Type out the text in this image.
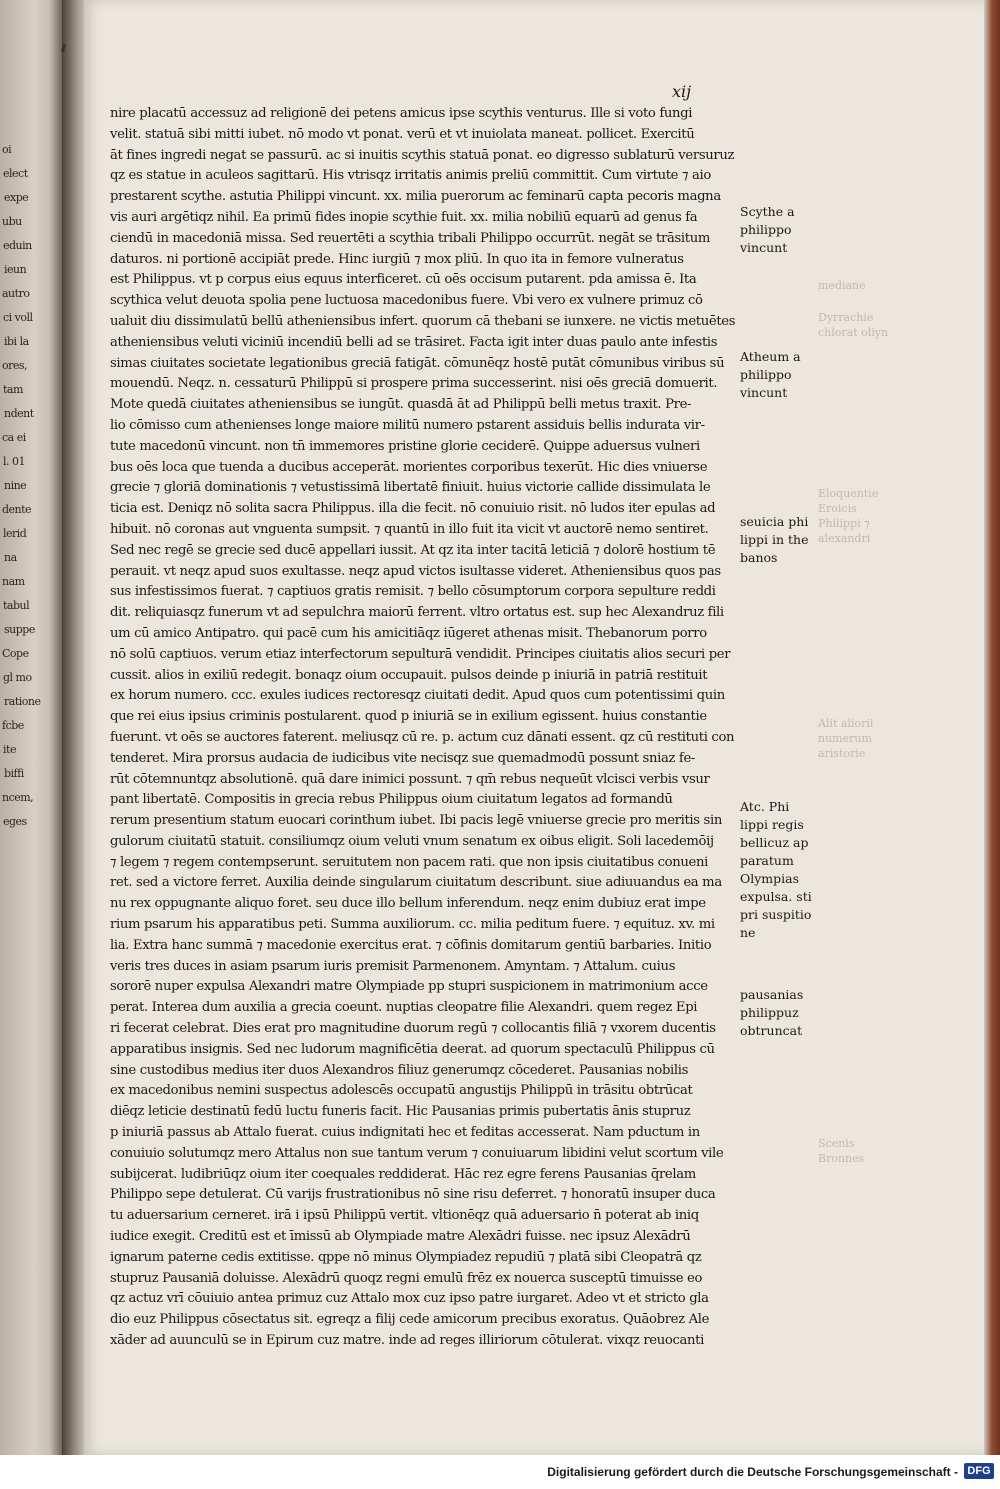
oi
elect
expe
ubu
eduin
ieun
autro
ci voll
ibi la
ores,
tam
ndent
ca ei
l. 01
nine
dente
lerid
na
nam
tabul
suppe
Cope
gl mo
ratione
fcbe
ite
biffi
ncem,
eges
xij
nire placatū accessuz ad religionē dei petens amicus ipse scythis venturus. Ille si voto fungi
velit. statuā sibi mitti iubet. nō modo vt ponat. verū et vt inuiolata maneat. pollicet. Exercitū
āt fines ingredi negat se passurū. ac si inuitis scythis statuā ponat. eo digresso sublaturū versuruz
qz es statue in aculeos sagittarū. His vtrisqz irritatis animis preliū committit. Cum virtute ⁊ aio
prestarent scythe. astutia Philippi vincunt. xx. milia puerorum ac feminarū capta pecoris magna
vis auri argētiqz nihil. Ea primū fides inopie scythie fuit. xx. milia nobiliū equarū ad genus fa
ciendū in macedoniā missa. Sed reuertēti a scythia tribali Philippo occurrūt. negāt se trāsitum
daturos. ni portionē accipiāt prede. Hinc iurgiū ⁊ mox pliū. In quo ita in femore vulneratus
est Philippus. vt p corpus eius equus interficeret. cū oēs occisum putarent. pda amissa ē. Ita
scythica velut deuota spolia pene luctuosa macedonibus fuere. Vbi vero ex vulnere primuz cō
ualuit diu dissimulatū bellū atheniensibus infert. quorum cā thebani se iunxere. ne victis metuētes
atheniensibus veluti viciniū incendiū belli ad se trāsiret. Facta igit inter duas paulo ante infestis
simas ciuitates societate legationibus greciā fatigāt. cōmunēqz hostē putāt cōmunibus viribus sū
mouendū. Neqz. n. cessaturū Philippū si prospere prima successerint. nisi oēs greciā domuerit.
Mote quedā ciuitates atheniensibus se iungūt. quasdā āt ad Philippū belli metus traxit. Pre-
lio cōmisso cum athenienses longe maiore militū numero pstarent assiduis bellis indurata vir-
tute macedonū vincunt. non tn̄ immemores pristine glorie ceciderē. Quippe aduersus vulneri
bus oēs loca que tuenda a ducibus acceperāt. morientes corporibus texerūt. Hic dies vniuerse
grecie ⁊ gloriā dominationis ⁊ vetustissimā libertatē finiuit. huius victorie callide dissimulata le
ticia est. Deniqz nō solita sacra Philippus. illa die fecit. nō conuiuio risit. nō ludos iter epulas ad
hibuit. nō coronas aut vnguenta sumpsit. ⁊ quantū in illo fuit ita vicit vt auctorē nemo sentiret.
Sed nec regē se grecie sed ducē appellari iussit. At qz ita inter tacitā leticiā ⁊ dolorē hostium tē
perauit. vt neqz apud suos exultasse. neqz apud victos isultasse videret. Atheniensibus quos pas
sus infestissimos fuerat. ⁊ captiuos gratis remisit. ⁊ bello cōsumptorum corpora sepulture reddi
dit. reliquiasqz funerum vt ad sepulchra maiorū ferrent. vltro ortatus est. sup hec Alexandruz fili
um cū amico Antipatro. qui pacē cum his amicitiāqz iūgeret athenas misit. Thebanorum porro
nō solū captiuos. verum etiaz interfectorum sepulturā vendidit. Principes ciuitatis alios securi per
cussit. alios in exiliū redegit. bonaqz oium occupauit. pulsos deinde p iniuriā in patriā restituit
ex horum numero. ccc. exules iudices rectoresqz ciuitati dedit. Apud quos cum potentissimi quin
que rei eius ipsius criminis postularent. quod p iniuriā se in exilium egissent. huius constantie
fuerunt. vt oēs se auctores faterent. meliusqz cū re. p. actum cuz dānati essent. qz cū restituti con
tenderet. Mira prorsus audacia de iudicibus vite necisqz sue quemadmodū possunt sniaz fe-
rūt cōtemnuntqz absolutionē. quā dare inimici possunt. ⁊ qm̄ rebus nequeūt vlcisci verbis vsur
pant libertatē. Compositis in grecia rebus Philippus oium ciuitatum legatos ad formandū
rerum presentium statum euocari corinthum iubet. Ibi pacis legē vniuerse grecie pro meritis sin
gulorum ciuitatū statuit. consiliumqz oium veluti vnum senatum ex oibus eligit. Soli lacedemōij
⁊ legem ⁊ regem contempserunt. seruitutem non pacem rati. que non ipsis ciuitatibus conueni
ret. sed a victore ferret. Auxilia deinde singularum ciuitatum describunt. siue adiuuandus ea ma
nu rex oppugnante aliquo foret. seu duce illo bellum inferendum. neqz enim dubiuz erat impe
rium psarum his apparatibus peti. Summa auxiliorum. cc. milia peditum fuere. ⁊ equituz. xv. mi
lia. Extra hanc summā ⁊ macedonie exercitus erat. ⁊ cōfinis domitarum gentiū barbaries. Initio
veris tres duces in asiam psarum iuris premisit Parmenonem. Amyntam. ⁊ Attalum. cuius
sororē nuper expulsa Alexandri matre Olympiade pp stupri suspicionem in matrimonium acce
perat. Interea dum auxilia a grecia coeunt. nuptias cleopatre filie Alexandri. quem regez Epi
ri fecerat celebrat. Dies erat pro magnitudine duorum regū ⁊ collocantis filiā ⁊ vxorem ducentis
apparatibus insignis. Sed nec ludorum magnificētia deerat. ad quorum spectaculū Philippus cū
sine custodibus medius iter duos Alexandros filiuz generumqz cōcederet. Pausanias nobilis
ex macedonibus nemini suspectus adolescēs occupatū angustijs Philippū in trāsitu obtrūcat
diēqz leticie destinatū fedū luctu funeris facit. Hic Pausanias primis pubertatis ānis stupruz
p iniuriā passus ab Attalo fuerat. cuius indignitati hec et feditas accesserat. Nam pductum in
conuiuio solutumqz mero Attalus non sue tantum verum ⁊ conuiuarum libidini velut scortum vile
subijcerat. ludibriūqz oium iter coequales reddiderat. Hāc rez egre ferens Pausanias q̄relam
Philippo sepe detulerat. Cū varijs frustrationibus nō sine risu deferret. ⁊ honoratū insuper duca
tu aduersarium cerneret. irā i ipsū Philippū vertit. vltionēqz quā aduersario n̄ poterat ab iniq
iudice exegit. Creditū est et īmissū ab Olympiade matre Alexādri fuisse. nec ipsuz Alexādrū
ignarum paterne cedis extitisse. qppe nō minus Olympiadez repudiū ⁊ platā sibi Cleopatrā qz
stupruz Pausaniā doluisse. Alexādrū quoqz regni emulū frēz ex nouerca susceptū timuisse eo
qz actuz vrī cōuiuio antea primuz cuz Attalo mox cuz ipso patre iurgaret. Adeo vt et stricto gla
dio euz Philippus cōsectatus sit. egreqz a filij cede amicorum precibus exoratus. Quāobrez Ale
xāder ad auunculū se in Epirum cuz matre. inde ad reges illiriorum cōtulerat. vixqz reuocanti
Scythe a
philippo
vincunt
Atheum a
philippo
vincunt
seuicia phi
lippi in the
banos
Atc. Phi
lippi regis
bellicuz ap
paratum
Olympias
expulsa. sti
pri suspitio
ne
pausanias
philippuz
obtruncat
mediane
Dyrrachie
chlorat oliyn
Eloquentie
Eroicis
Philippi ⁊
alexandri
Alit aliorii
numerum
aristorie
Scenis
Bronnes
Digitalisierung gefördert durch die Deutsche Forschungsgemeinschaft - DFG
